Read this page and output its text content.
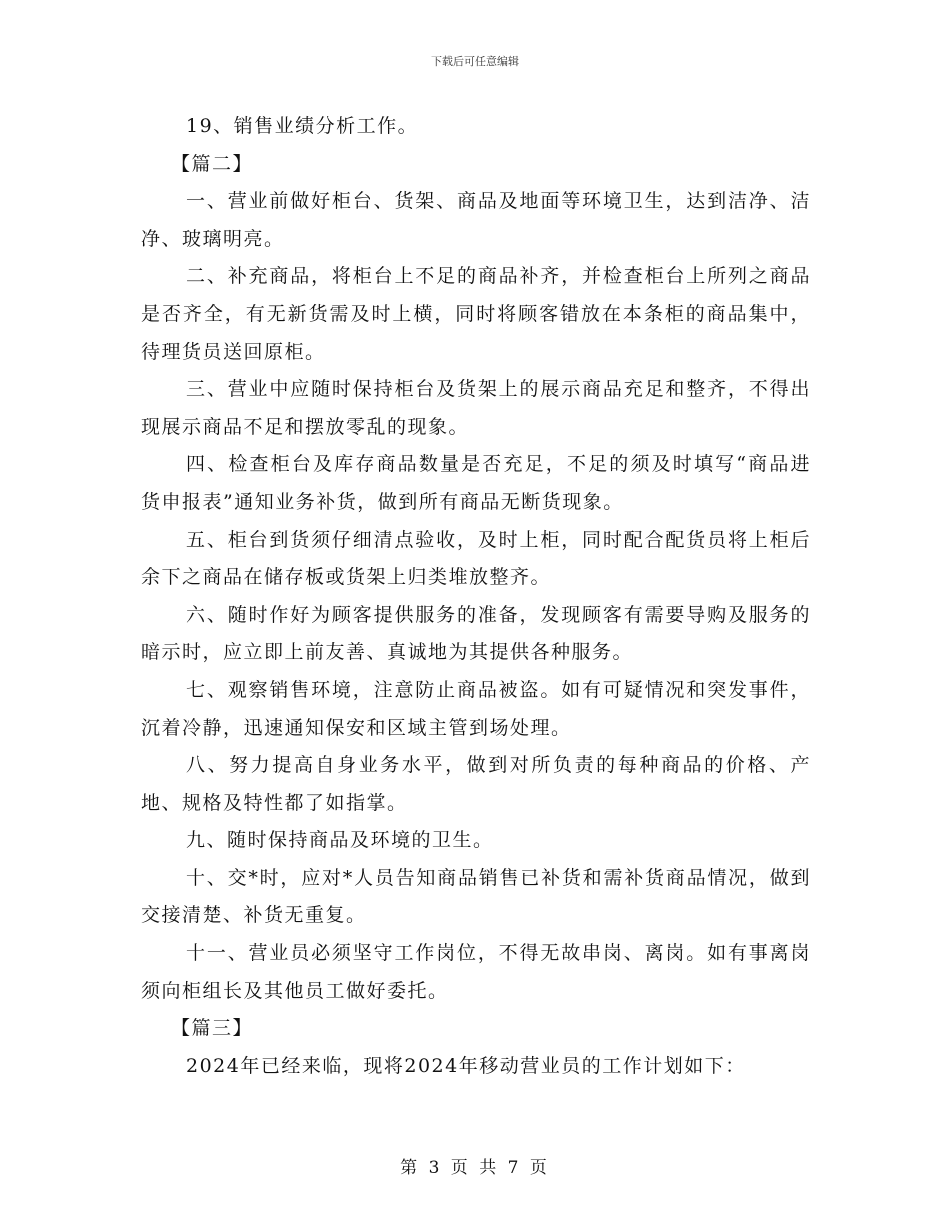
下载后可任意编辑

19、销售业绩分析工作。

【篇二】

一、营业前做好柜台、货架、商品及地面等环境卫生，达到洁净、洁净、玻璃明亮。

二、补充商品，将柜台上不足的商品补齐，并检查柜台上所列之商品是否齐全，有无新货需及时上横，同时将顾客错放在本条柜的商品集中，待理货员送回原柜。

三、营业中应随时保持柜台及货架上的展示商品充足和整齐，不得出现展示商品不足和摆放零乱的现象。

四、检查柜台及库存商品数量是否充足，不足的须及时填写“商品进货申报表”通知业务补货，做到所有商品无断货现象。

五、柜台到货须仔细清点验收，及时上柜，同时配合配货员将上柜后余下之商品在储存板或货架上归类堆放整齐。

六、随时作好为顾客提供服务的准备，发现顾客有需要导购及服务的暗示时，应立即上前友善、真诚地为其提供各种服务。

七、观察销售环境，注意防止商品被盗。如有可疑情况和突发事件，沉着冷静，迅速通知保安和区域主管到场处理。

八、努力提高自身业务水平，做到对所负责的每种商品的价格、产地、规格及特性都了如指掌。

九、随时保持商品及环境的卫生。

十、交*时，应对*人员告知商品销售已补货和需补货商品情况，做到交接清楚、补货无重复。

十一、营业员必须坚守工作岗位，不得无故串岗、离岗。如有事离岗须向柜组长及其他员工做好委托。

【篇三】

2024年已经来临，现将2024年移动营业员的工作计划如下：

第 3 页 共 7 页
